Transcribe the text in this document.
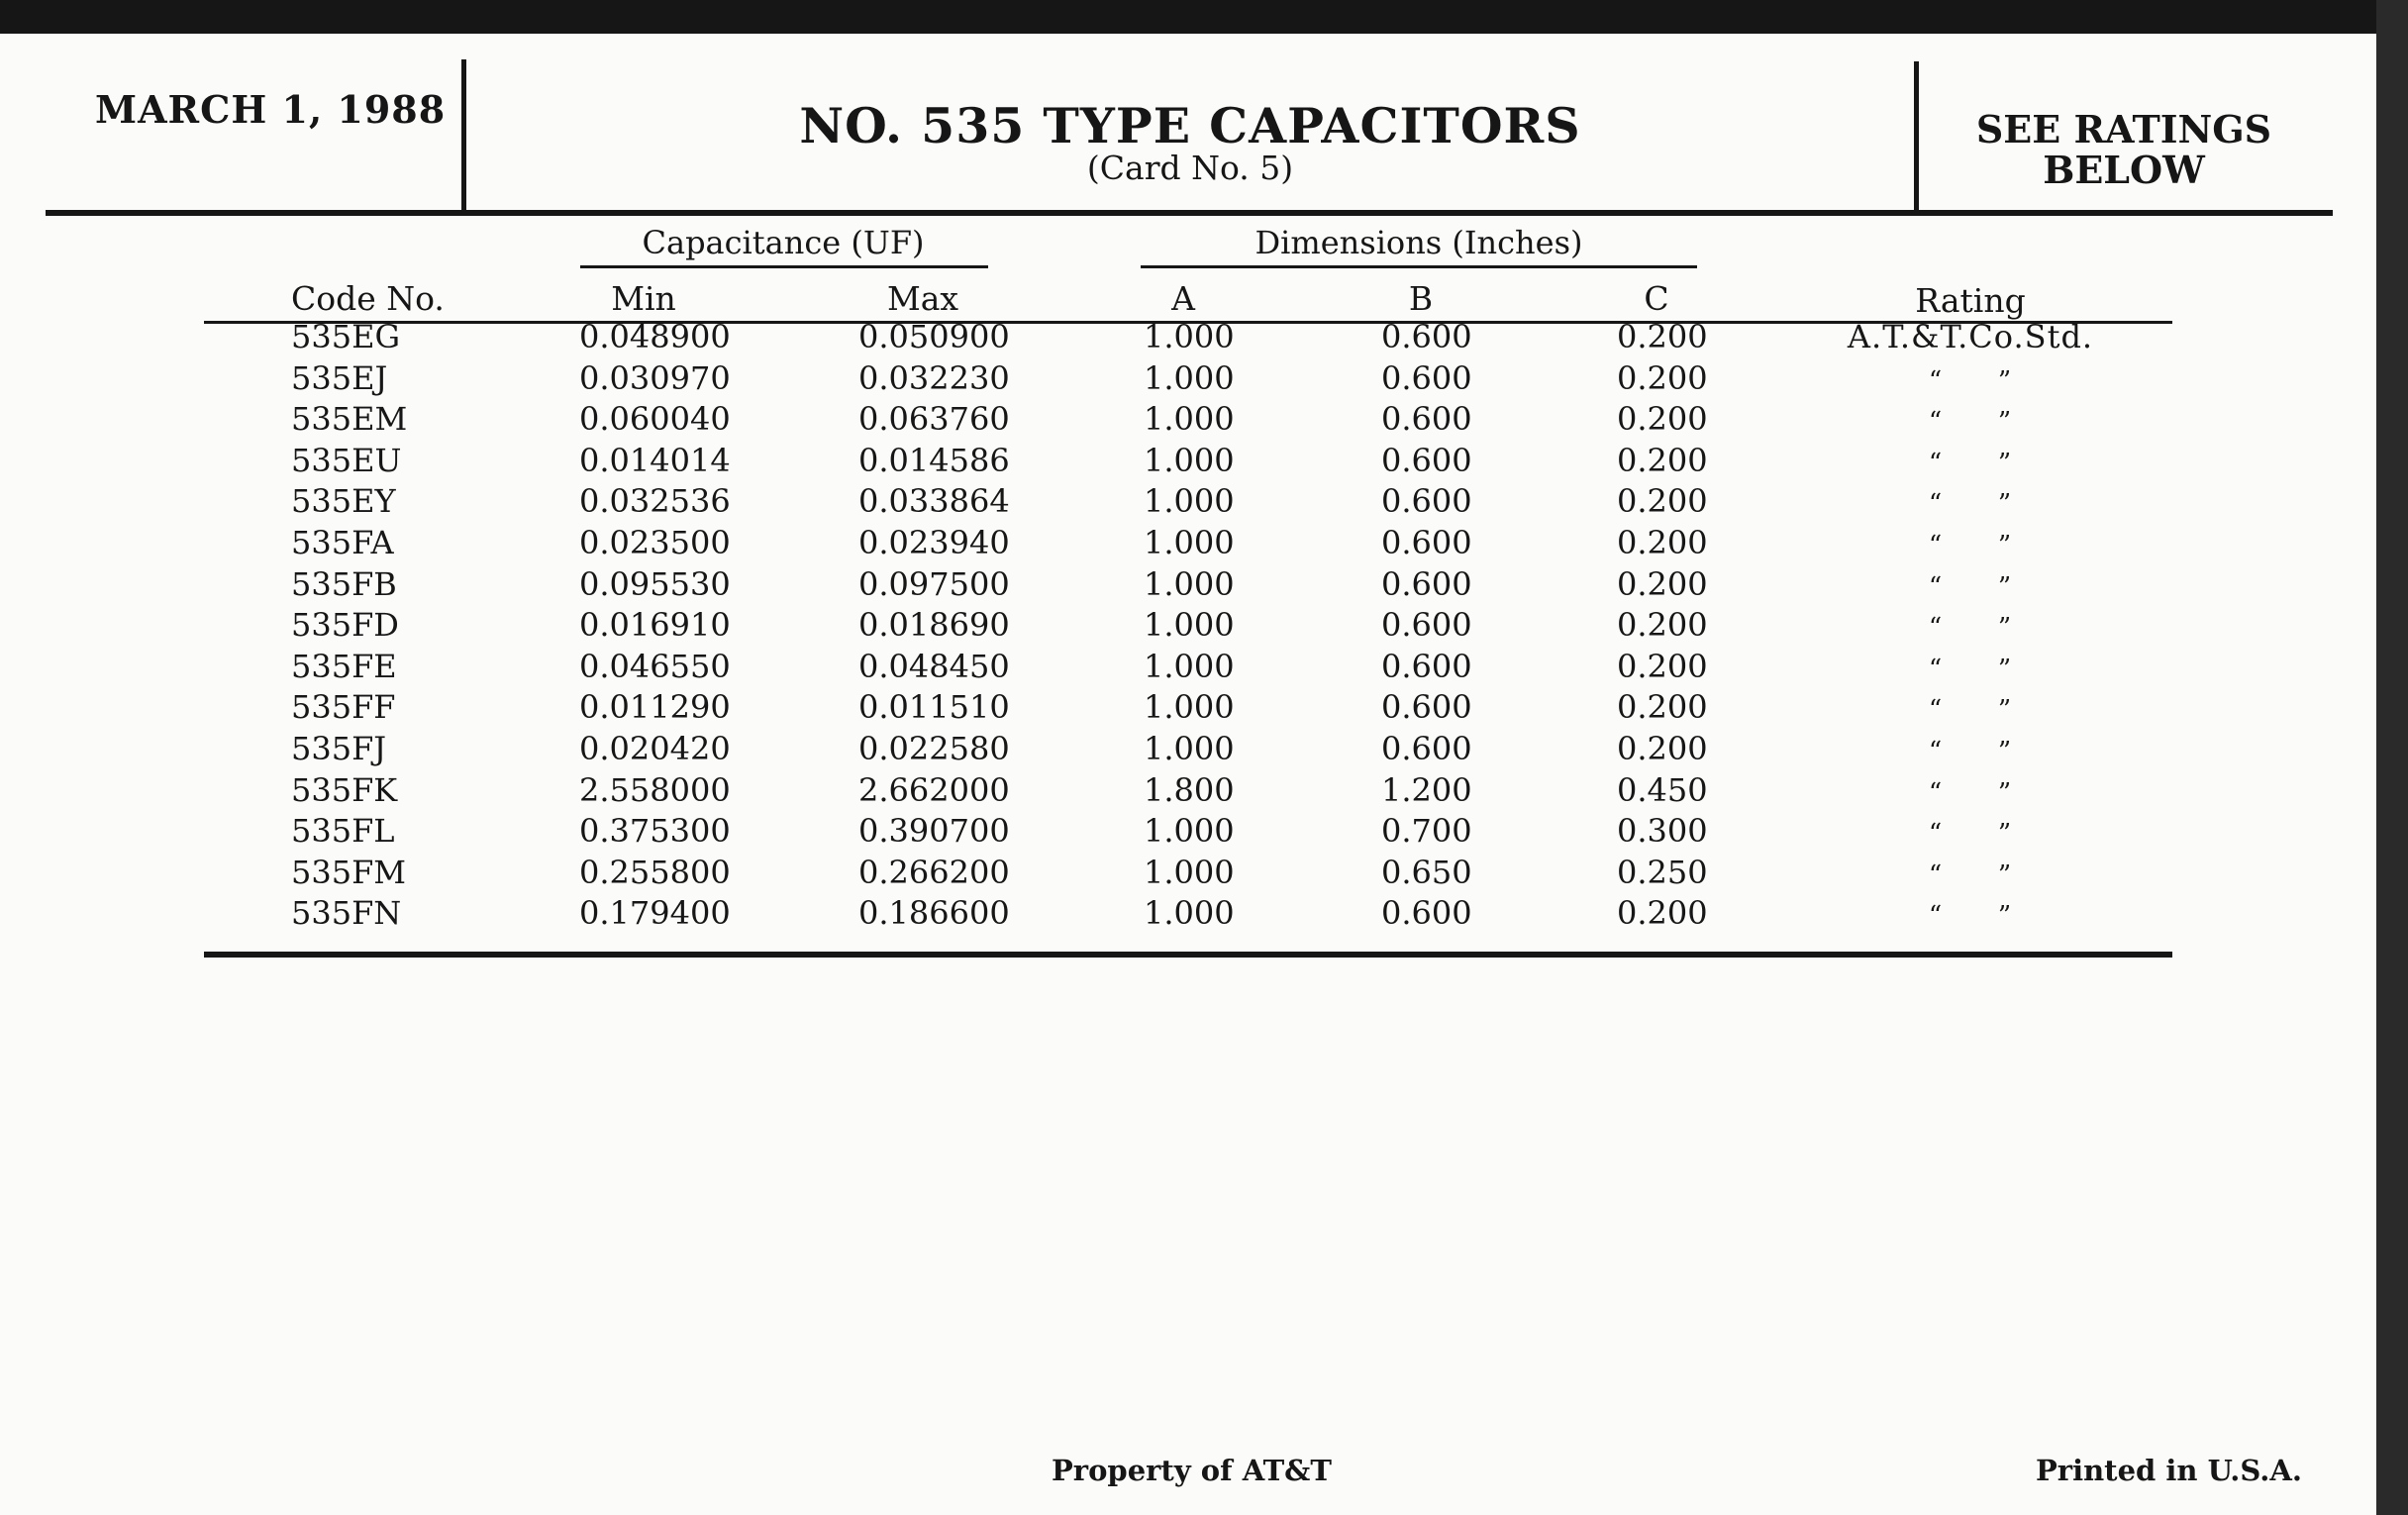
MARCH 1, 1988	NO. 535 TYPE CAPACITORS
(Card No. 5)
SEE RATINGS
BELOW
Capacitance (UF)	Dimensions (Inches)
Code No.	Min	Max	A	B	C	Rating
535EG	0.048900	0.050900	1.000	0.600	0.200	A.T.&T.Co.Std.
535EJ	0.030970	0.032230	1.000	0.600	0.200	“ ”
535EM	0.060040	0.063760	1.000	0.600	0.200	“ ”
535EU	0.014014	0.014586	1.000	0.600	0.200	“ ”
535EY	0.032536	0.033864	1.000	0.600	0.200	“ ”
535FA	0.023500	0.023940	1.000	0.600	0.200	“ ”
535FB	0.095530	0.097500	1.000	0.600	0.200	“ ”
535FD	0.016910	0.018690	1.000	0.600	0.200	“ ”
535FE	0.046550	0.048450	1.000	0.600	0.200	“ ”
535FF	0.011290	0.011510	1.000	0.600	0.200	“ ”
535FJ	0.020420	0.022580	1.000	0.600	0.200	“ ”
535FK	2.558000	2.662000	1.800	1.200	0.450	“ ”
535FL	0.375300	0.390700	1.000	0.700	0.300	“ ”
535FM	0.255800	0.266200	1.000	0.650	0.250	“ ”
535FN	0.179400	0.186600	1.000	0.600	0.200	“ ”
Property of AT&T	Printed in U.S.A.
